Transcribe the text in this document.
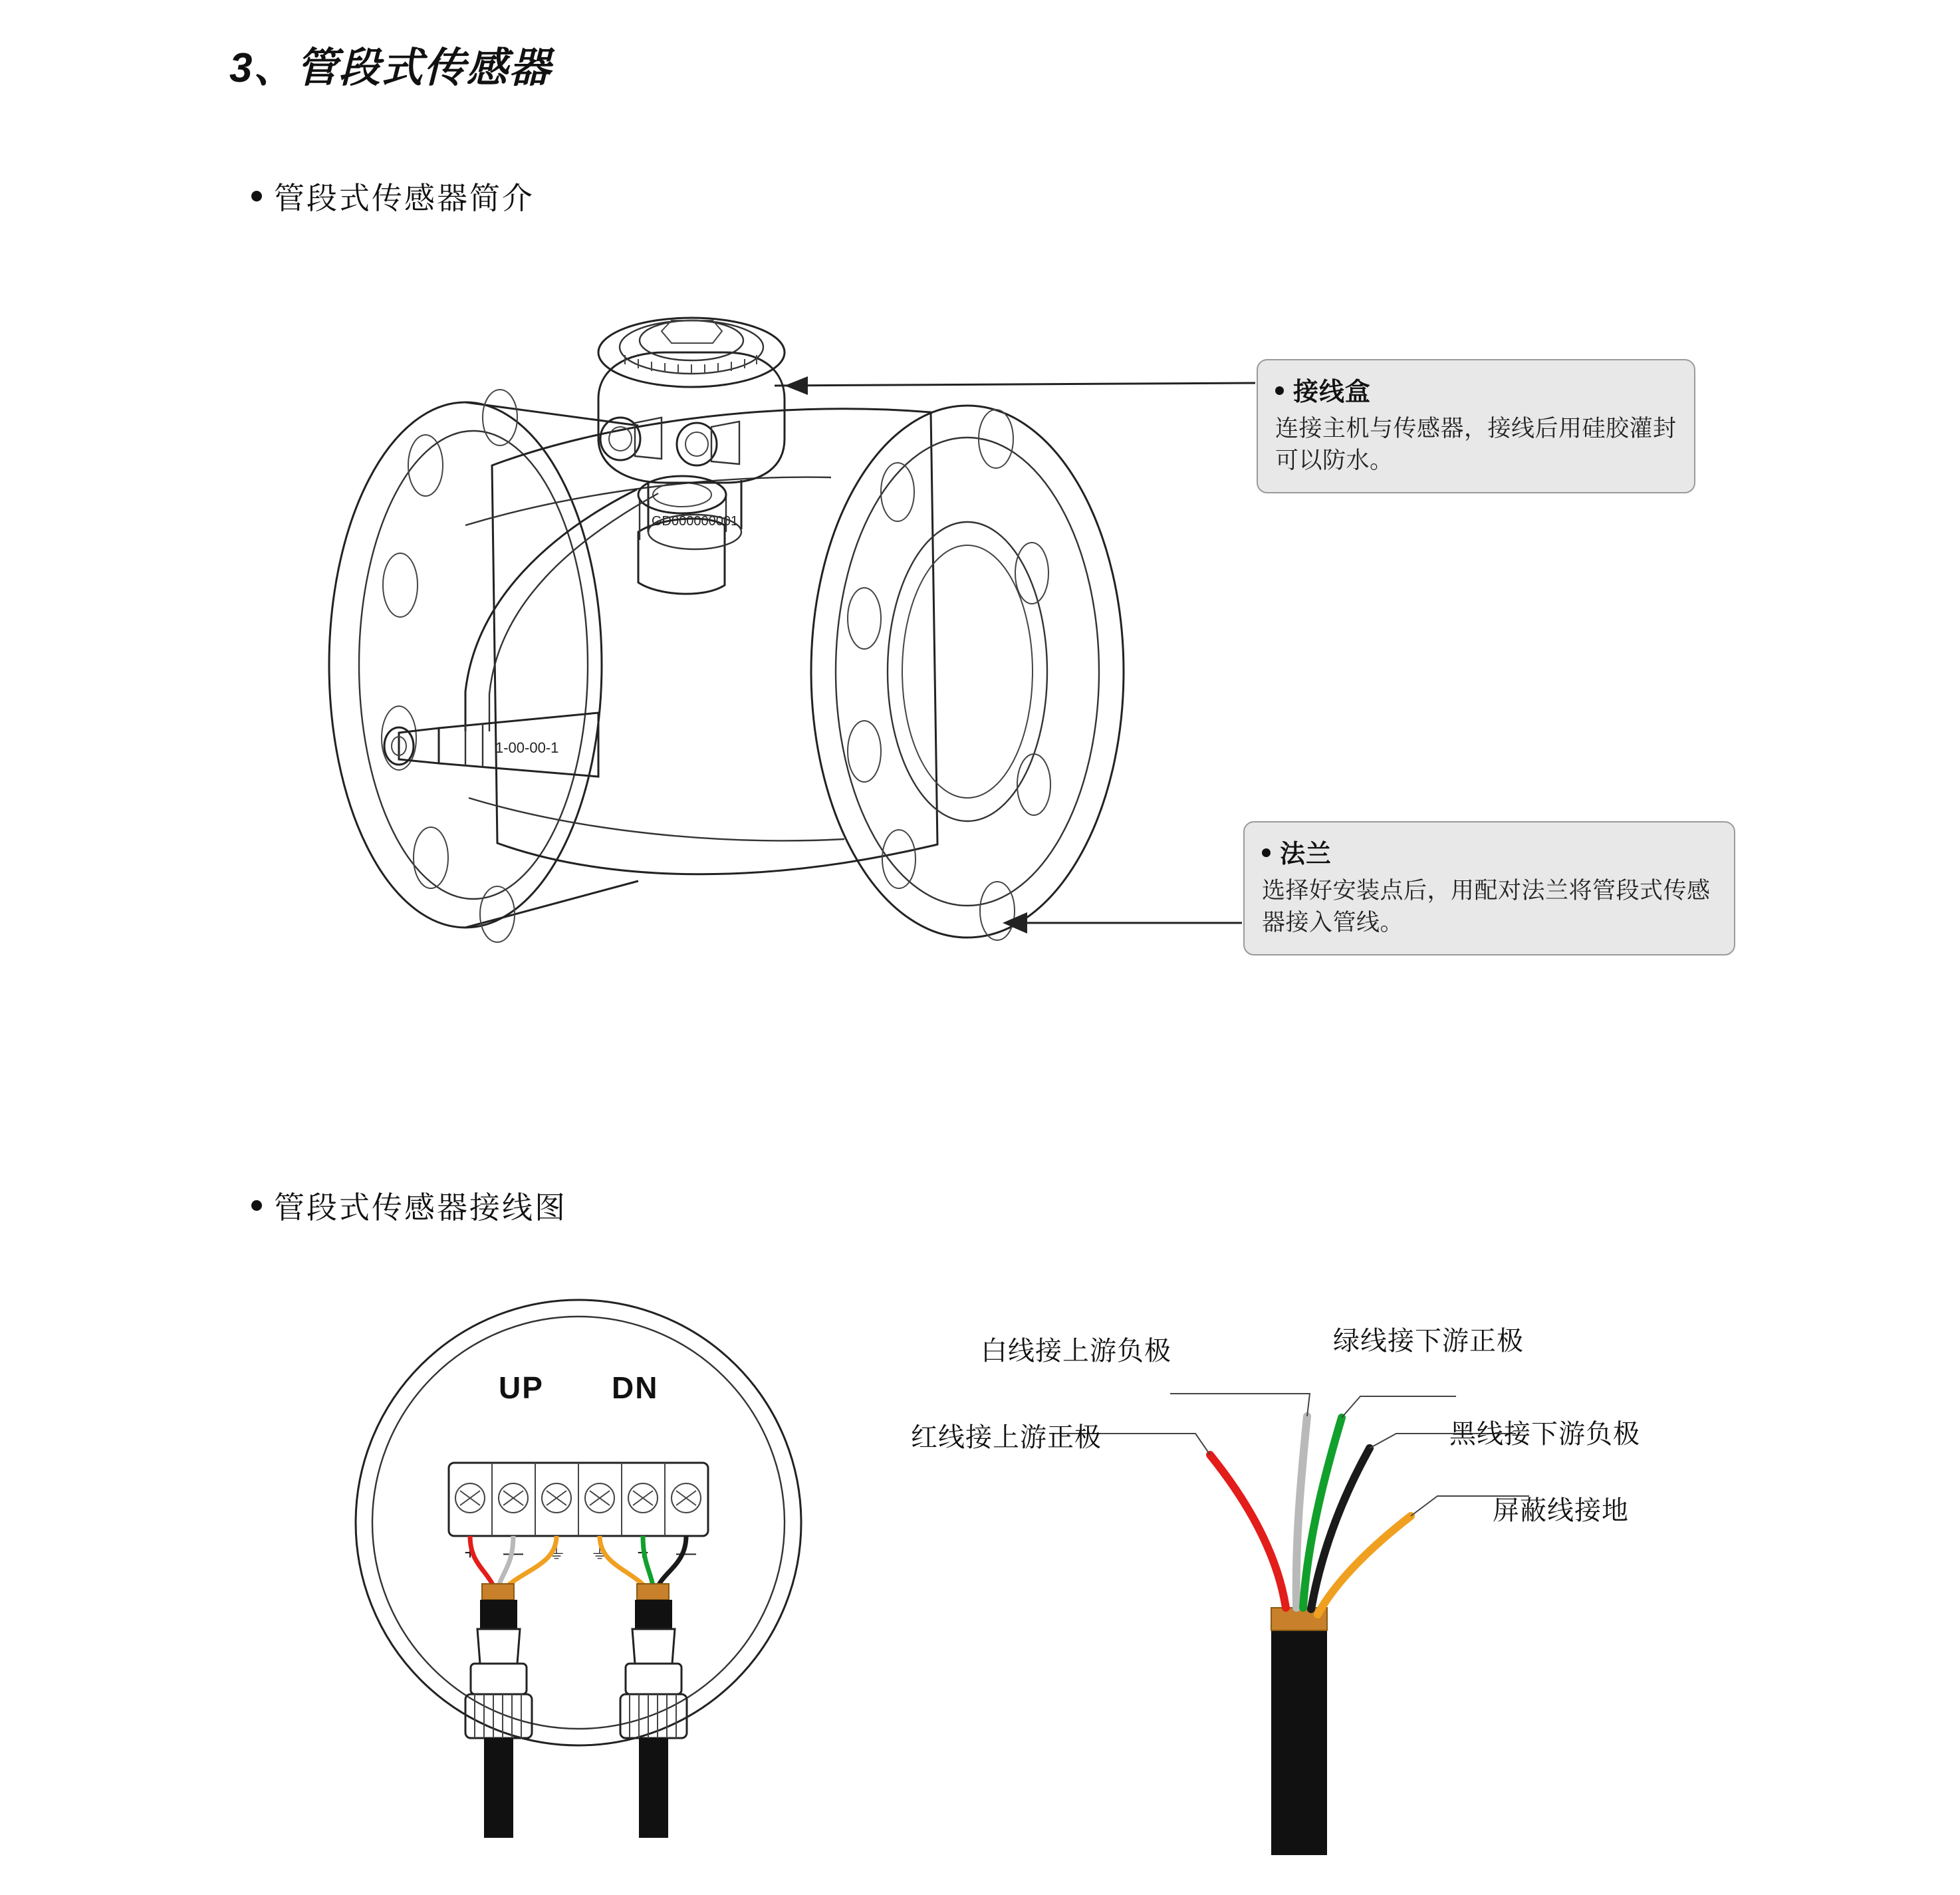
3、管段式传感器
管段式传感器简介
管段式传感器接线图
GD000000001
1-00-00-1
接线盒
连接主机与传感器，接线后用硅胶灌封可以防水。
法兰
选择好安装点后，用配对法兰将管段式传感器接入管线。
+ — ⏚ ⏚ + —
UP DN
白线接上游负极	绿线接下游正极
红线接上游正极	黑线接下游负极
屏蔽线接地
